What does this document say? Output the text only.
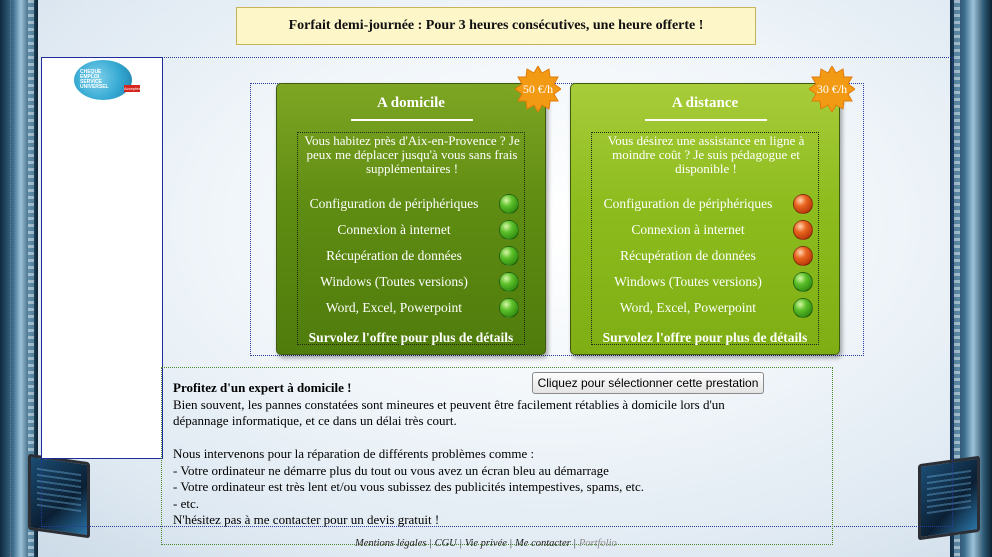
Forfait demi-journée : Pour 3 heures consécutives, une heure offerte !
CHEQUE
EMPLOI
SERVICE
UNIVERSEL	Acceptés
A domicile
Vous habitez près d'Aix-en-Provence ? Je peux me déplacer jusqu'à vous sans frais supplémentaires !
Configuration de périphériques
Connexion à internet
Récupération de données
Windows (Toutes versions)
Word, Excel, Powerpoint
Survolez l'offre pour plus de détails
A distance
Vous désirez une assistance en ligne à moindre coût ? Je suis pédagogue et disponible !
Configuration de périphériques
Connexion à internet
Récupération de données
Windows (Toutes versions)
Word, Excel, Powerpoint
Survolez l'offre pour plus de détails
50 €/h	30 €/h

Profitez d'un expert à domicile !

Bien souvent, les pannes constatées sont mineures et peuvent être facilement rétablies à domicile lors d'un dépannage informatique, et ce dans un délai très court.

Nous intervenons pour la réparation de différents problèmes comme :

- Votre ordinateur ne démarre plus du tout ou vous avez un écran bleu au démarrage

- Votre ordinateur est très lent et/ou vous subissez des publicités intempestives, spams, etc.

- etc.

N'hésitez pas à me contacter pour un devis gratuit !

Cliquez pour sélectionner cette prestation
Mentions légales | CGU | Vie privée | Me contacter | Portfolio
